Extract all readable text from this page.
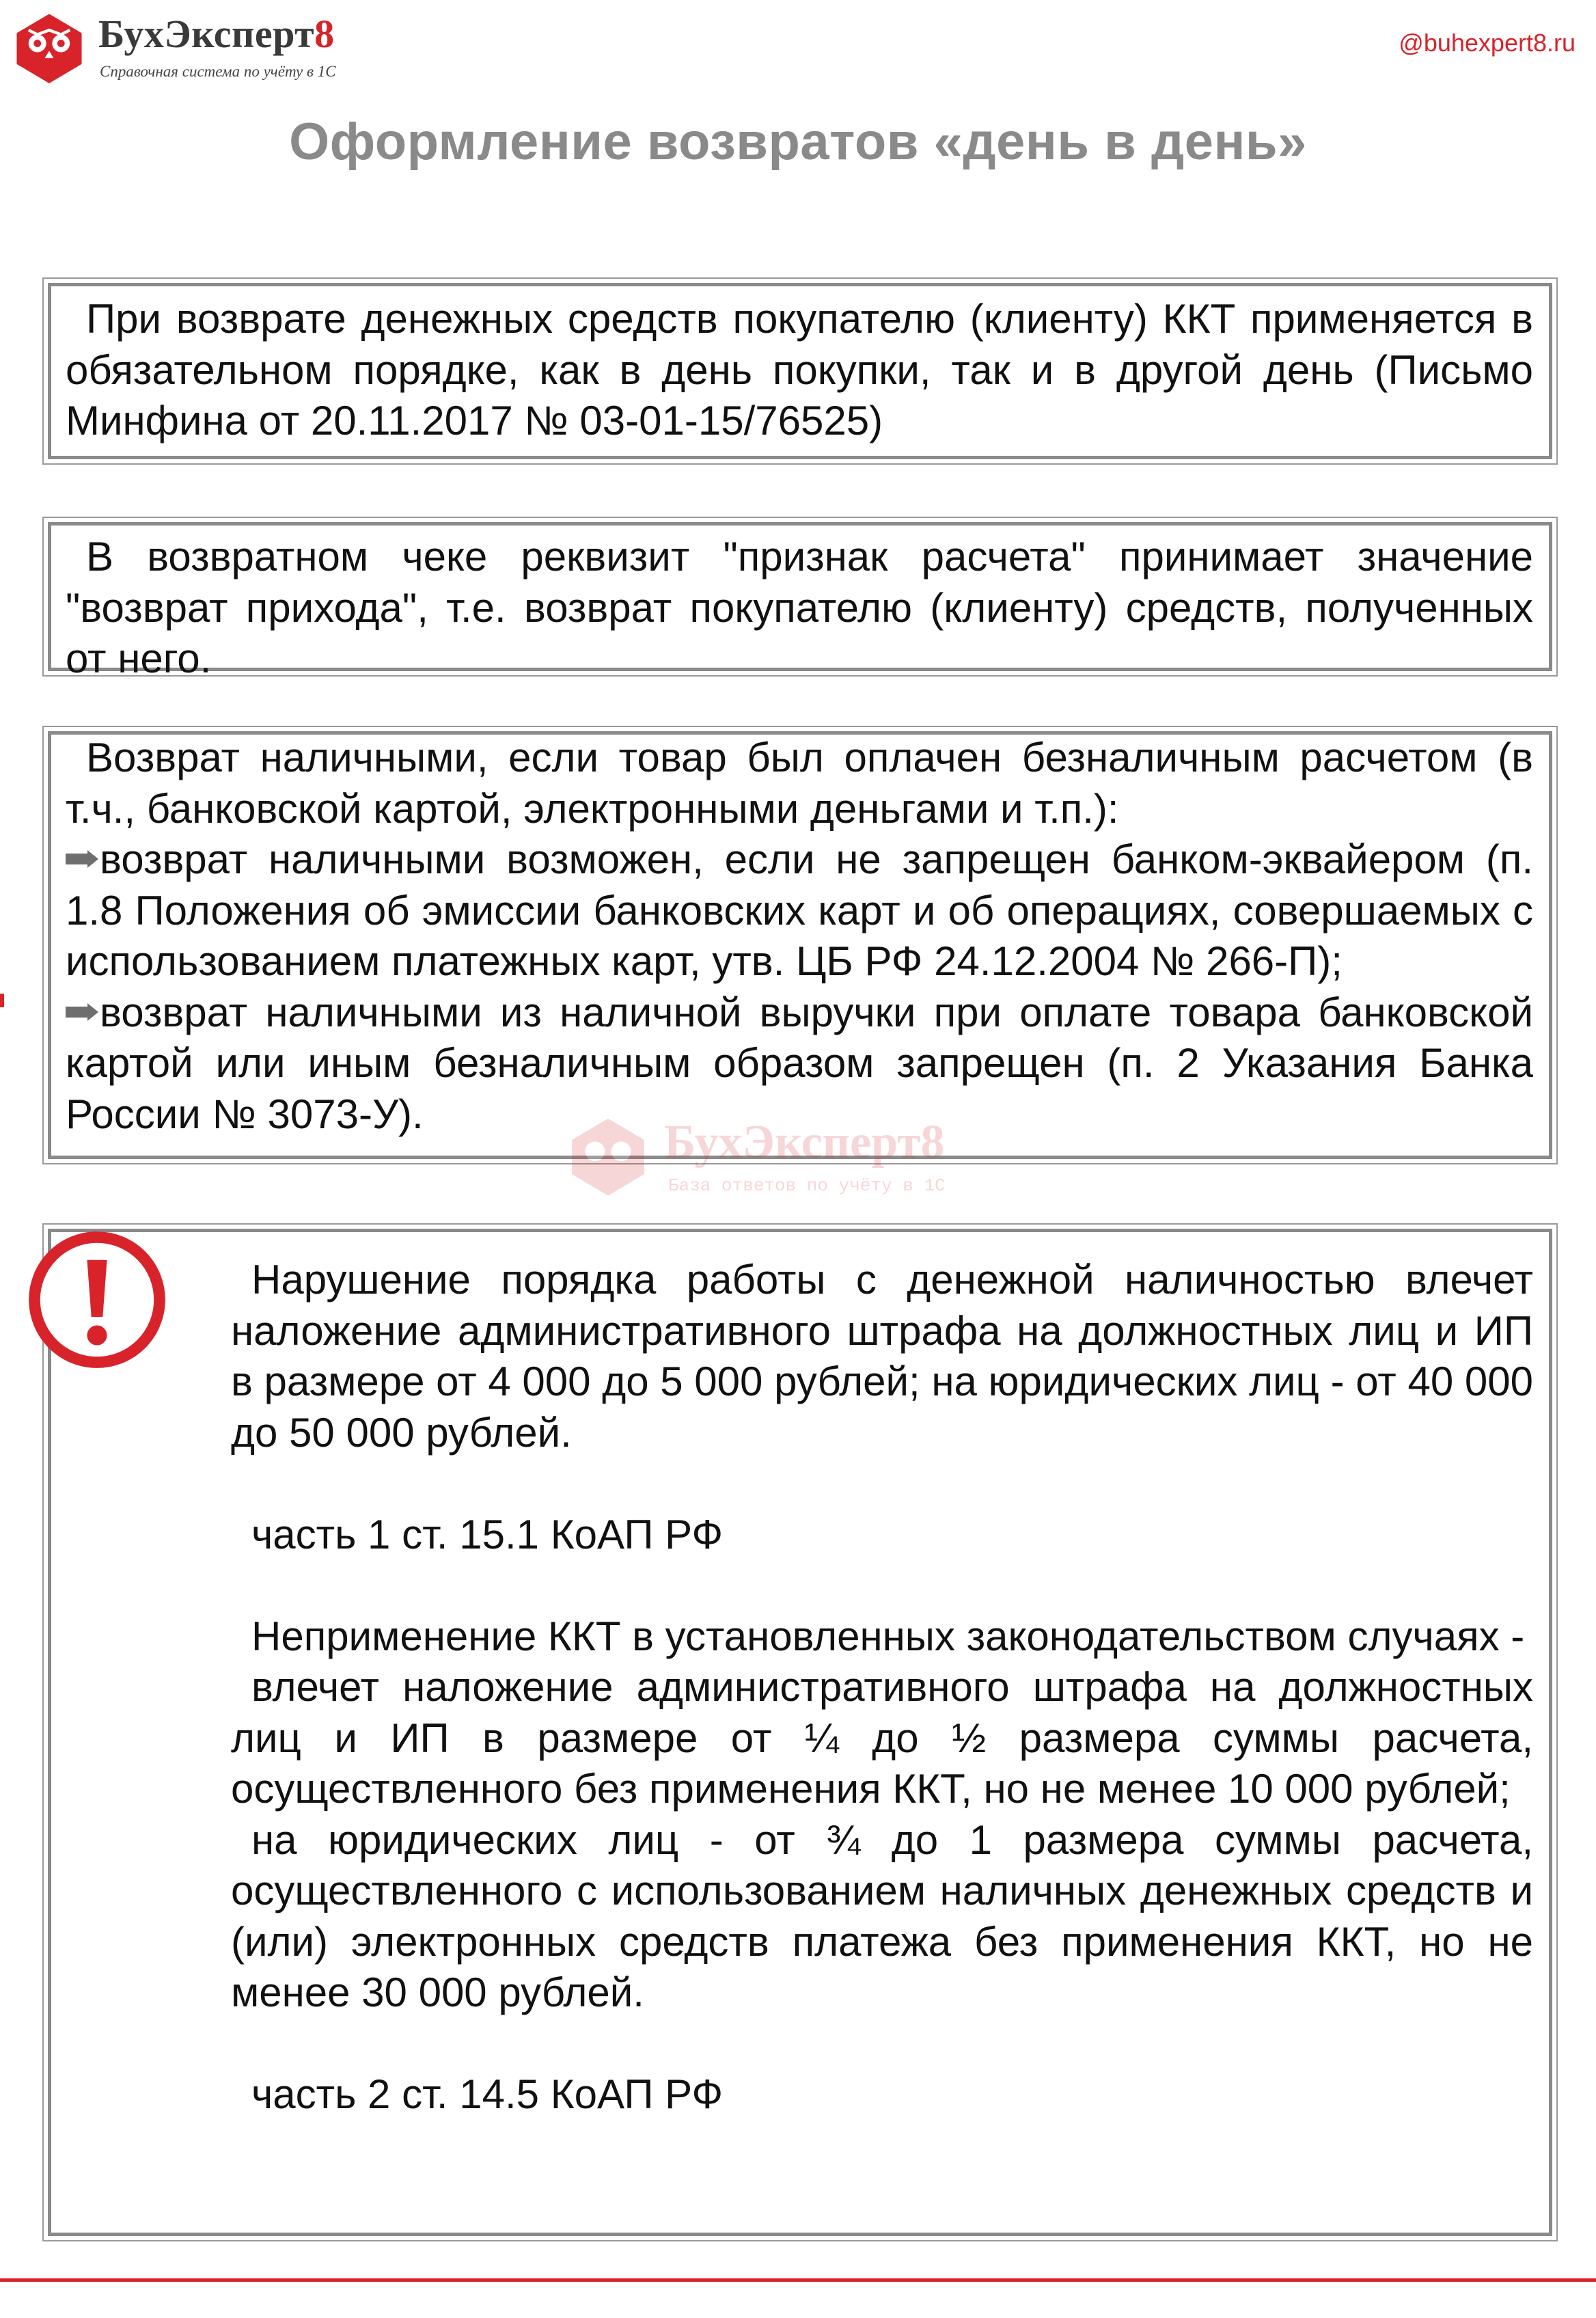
БухЭксперт8
Справочная система по учёту в 1С
@buhexpert8.ru
Оформление возвратов «день в день»

При возврате денежных средств покупателю (клиенту) ККТ применяется в обязательном порядке, как в день покупки, так и в другой день (Письмо Минфина от 20.11.2017 № 03-01-15/76525)

В возвратном чеке реквизит "признак расчета" принимает значение "возврат прихода", т.е. возврат покупателю (клиенту) средств, полученных от него.

Возврат наличными, если товар был оплачен безналичным расчетом (в т.ч., банковской картой, электронными деньгами и т.п.):

возврат наличными возможен, если не запрещен банком-эквайером (п. 1.8 Положения об эмиссии банковских карт и об операциях, совершаемых с использованием платежных карт, утв. ЦБ РФ 24.12.2004 № 266-П);

возврат наличными из наличной выручки при оплате товара банковской картой или иным безналичным образом запрещен (п. 2 Указания Банка России № 3073-У).

БухЭксперт8
База ответов по учёту в 1С

Нарушение порядка работы с денежной наличностью влечет наложение административного штрафа на должностных лиц и ИП в размере от 4 000 до 5 000 рублей; на юридических лиц - от 40 000 до 50 000 рублей.

часть 1 ст. 15.1 КоАП РФ

Неприменение ККТ в установленных законодательством случаях -

влечет наложение административного штрафа на должностных лиц и ИП в размере от ¼ до ½ размера суммы расчета, осуществленного без применения ККТ, но не менее 10 000 рублей;

на юридических лиц - от ¾ до 1 размера суммы расчета, осуществленного с использованием наличных денежных средств и (или) электронных средств платежа без применения ККТ, но не менее 30 000 рублей.

часть 2 ст. 14.5 КоАП РФ
